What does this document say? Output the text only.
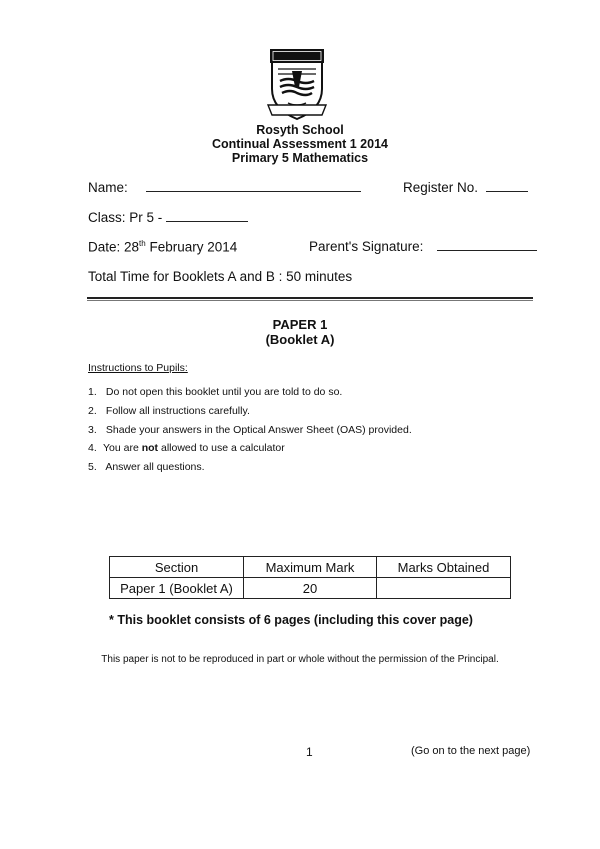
Rosyth School
Continual Assessment 1 2014
Primary 5 Mathematics
Name:	Register No.
Class: Pr 5 -
Date: 28th February 2014	Parent's Signature:
Total Time for Booklets A and B : 50 minutes
PAPER 1
(Booklet A)
Instructions to Pupils:
1. Do not open this booklet until you are told to do so.
2. Follow all instructions carefully.
3. Shade your answers in the Optical Answer Sheet (OAS) provided.
4. You are not allowed to use a calculator
5. Answer all questions.
Section	Maximum Mark	Marks Obtained
Paper 1 (Booklet A)	20	
* This booklet consists of 6 pages (including this cover page)
This paper is not to be reproduced in part or whole without the permission of the Principal.
1	(Go on to the next page)
